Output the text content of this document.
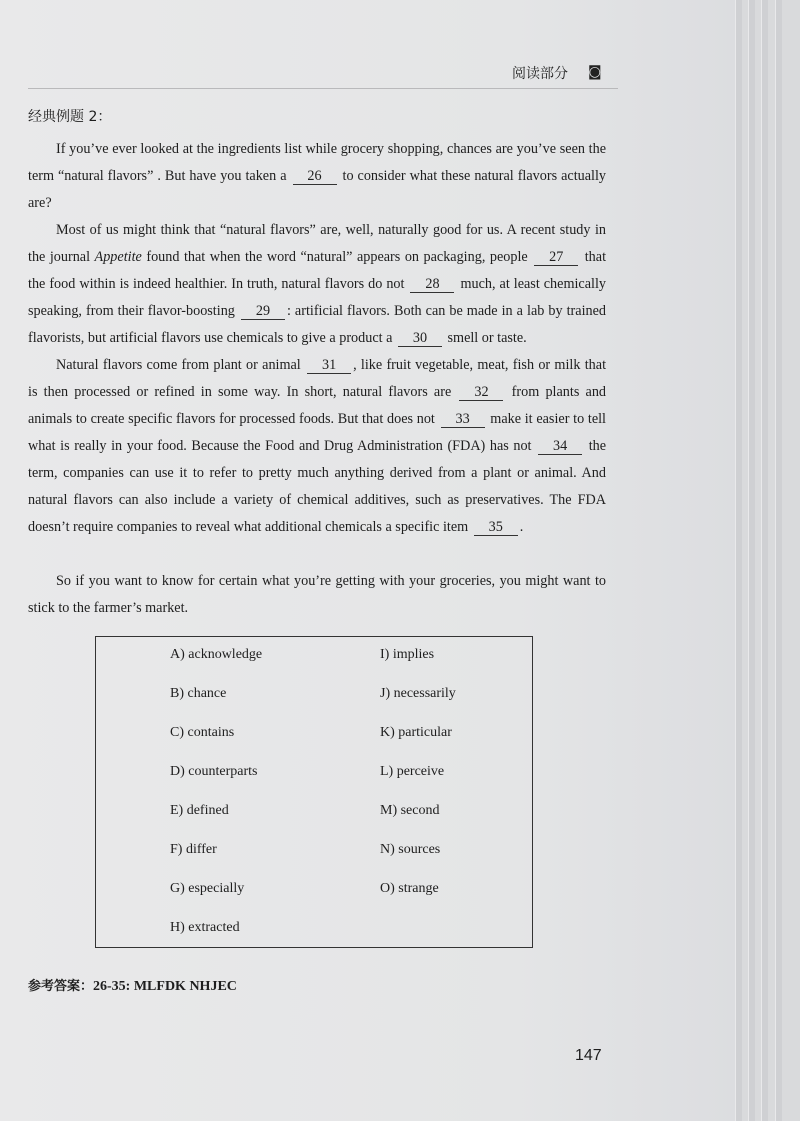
阅读部分 ◙
经典例题 2：

If you’ve ever looked at the ingredients list while grocery shopping, chances are you’ve seen the term “natural flavors” . But have you taken a 26 to consider what these natural flavors actually are?

Most of us might think that “natural flavors” are, well, naturally good for us. A recent study in the journal Appetite found that when the word “natural” appears on packaging, people 27 that the food within is indeed healthier. In truth, natural flavors do not 28 much, at least chemically speaking, from their flavor-boosting 29 : artificial flavors. Both can be made in a lab by trained flavorists, but artificial flavors use chemicals to give a product a 30 smell or taste.

Natural flavors come from plant or animal 31 , like fruit vegetable, meat, fish or milk that is then processed or refined in some way. In short, natural flavors are 32 from plants and animals to create specific flavors for processed foods. But that does not 33 make it easier to tell what is really in your food. Because the Food and Drug Administration (FDA) has not 34 the term, companies can use it to refer to pretty much anything derived from a plant or animal. And natural flavors can also include a variety of chemical additives, such as preservatives. The FDA doesn’t require companies to reveal what additional chemicals a specific item 35 .

So if you want to know for certain what you’re getting with your groceries, you might want to stick to the farmer’s market.

A) acknowledge
B) chance
C) contains
D) counterparts
E) defined
F) differ
G) especially
H) extracted
I) implies
J) necessarily
K) particular
L) perceive
M) second
N) sources
O) strange
参考答案：26-35: MLFDK NHJEC
147
